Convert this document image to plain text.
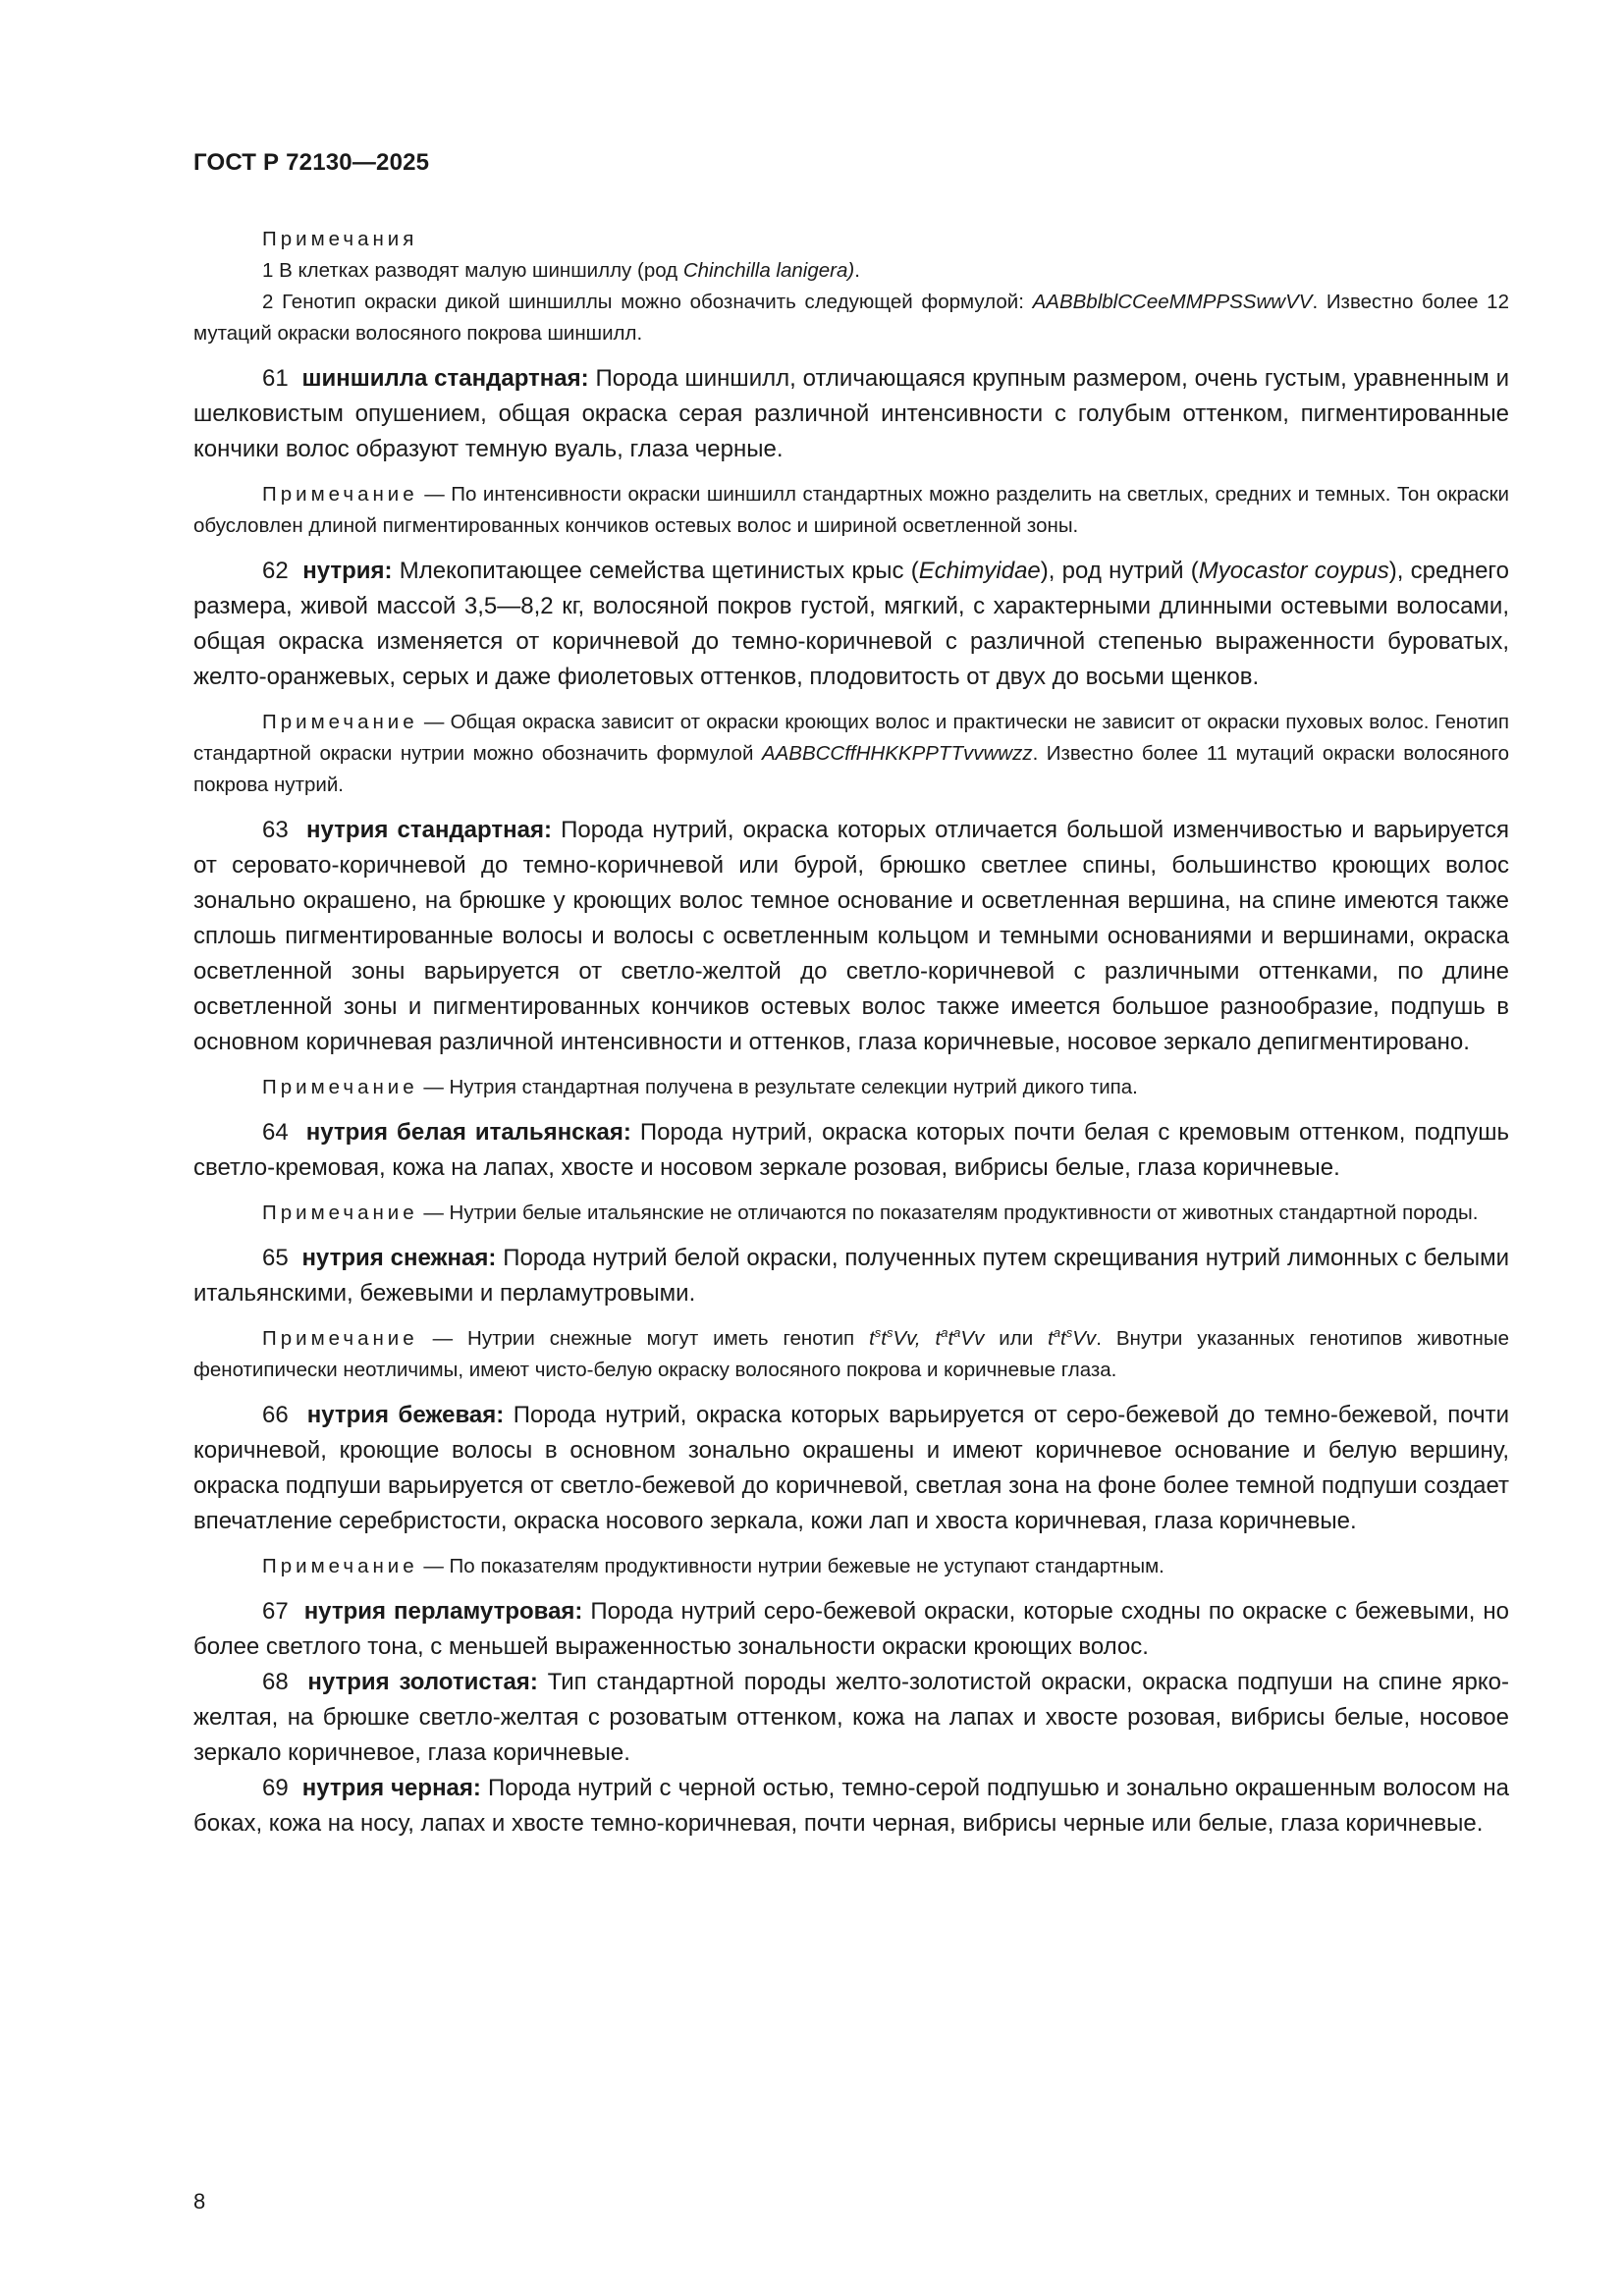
ГОСТ Р 72130—2025

Примечания

1 В клетках разводят малую шиншиллу (род Chinchilla lanigera).

2 Генотип окраски дикой шиншиллы можно обозначить следующей формулой: AABBblblCCeeMMPPSSwwVV. Известно более 12 мутаций окраски волосяного покрова шиншилл.

61 шиншилла стандартная: Порода шиншилл, отличающаяся крупным размером, очень густым, уравненным и шелковистым опушением, общая окраска серая различной интенсивности с голубым оттенком, пигментированные кончики волос образуют темную вуаль, глаза черные.

Примечание — По интенсивности окраски шиншилл стандартных можно разделить на светлых, средних и темных. Тон окраски обусловлен длиной пигментированных кончиков остевых волос и шириной осветленной зоны.

62 нутрия: Млекопитающее семейства щетинистых крыс (Echimyidae), род нутрий (Myocastor coypus), среднего размера, живой массой 3,5—8,2 кг, волосяной покров густой, мягкий, с характерными длинными остевыми волосами, общая окраска изменяется от коричневой до темно-коричневой с различной степенью выраженности буроватых, желто-оранжевых, серых и даже фиолетовых оттенков, плодовитость от двух до восьми щенков.

Примечание — Общая окраска зависит от окраски кроющих волос и практически не зависит от окраски пуховых волос. Генотип стандартной окраски нутрии можно обозначить формулой AABBCCffHHKKPPTTvvwwzz. Известно более 11 мутаций окраски волосяного покрова нутрий.

63 нутрия стандартная: Порода нутрий, окраска которых отличается большой изменчивостью и варьируется от серовато-коричневой до темно-коричневой или бурой, брюшко светлее спины, большинство кроющих волос зонально окрашено, на брюшке у кроющих волос темное основание и осветленная вершина, на спине имеются также сплошь пигментированные волосы и волосы с осветленным кольцом и темными основаниями и вершинами, окраска осветленной зоны варьируется от светло-желтой до светло-коричневой с различными оттенками, по длине осветленной зоны и пигментированных кончиков остевых волос также имеется большое разнообразие, подпушь в основном коричневая различной интенсивности и оттенков, глаза коричневые, носовое зеркало депигментировано.

Примечание — Нутрия стандартная получена в результате селекции нутрий дикого типа.

64 нутрия белая итальянская: Порода нутрий, окраска которых почти белая с кремовым оттенком, подпушь светло-кремовая, кожа на лапах, хвосте и носовом зеркале розовая, вибрисы белые, глаза коричневые.

Примечание — Нутрии белые итальянские не отличаются по показателям продуктивности от животных стандартной породы.

65 нутрия снежная: Порода нутрий белой окраски, полученных путем скрещивания нутрий лимонных с белыми итальянскими, бежевыми и перламутровыми.

Примечание — Нутрии снежные могут иметь генотип $t^st^sVv$, $t^at^aVv$ или $t^at^sVv$. Внутри указанных генотипов животные фенотипически неотличимы, имеют чисто-белую окраску волосяного покрова и коричневые глаза.

66 нутрия бежевая: Порода нутрий, окраска которых варьируется от серо-бежевой до темно-бежевой, почти коричневой, кроющие волосы в основном зонально окрашены и имеют коричневое основание и белую вершину, окраска подпуши варьируется от светло-бежевой до коричневой, светлая зона на фоне более темной подпуши создает впечатление серебристости, окраска носового зеркала, кожи лап и хвоста коричневая, глаза коричневые.

Примечание — По показателям продуктивности нутрии бежевые не уступают стандартным.

67 нутрия перламутровая: Порода нутрий серо-бежевой окраски, которые сходны по окраске с бежевыми, но более светлого тона, с меньшей выраженностью зональности окраски кроющих волос.

68 нутрия золотистая: Тип стандартной породы желто-золотистой окраски, окраска подпуши на спине ярко-желтая, на брюшке светло-желтая с розоватым оттенком, кожа на лапах и хвосте розовая, вибрисы белые, носовое зеркало коричневое, глаза коричневые.

69 нутрия черная: Порода нутрий с черной остью, темно-серой подпушью и зонально окрашенным волосом на боках, кожа на носу, лапах и хвосте темно-коричневая, почти черная, вибрисы черные или белые, глаза коричневые.

8
